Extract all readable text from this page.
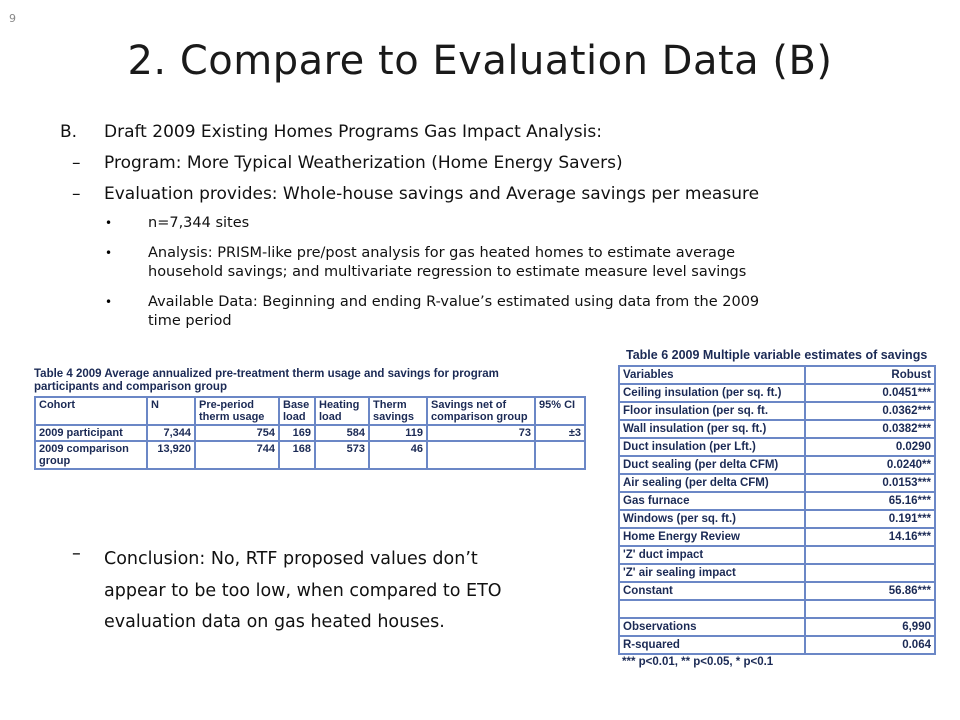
9
2. Compare to Evaluation Data (B)
B. Draft 2009 Existing Homes Programs Gas Impact Analysis:
– Program: More Typical Weatherization (Home Energy Savers)
– Evaluation provides: Whole-house savings and Average savings per measure
• n=7,344 sites
• Analysis: PRISM-like pre/post analysis for gas heated homes to estimate average
household savings; and multivariate regression to estimate measure level savings
• Available Data: Beginning and ending R-value’s estimated using data from the 2009
time period
Table 4 2009 Average annualized pre-treatment therm usage and savings for program
participants and comparison group
Cohort	N	Pre-period therm usage	Base load	Heating load	Therm savings	Savings net of comparison group	95% CI
2009 participant	7,344	754	169	584	119	73	±3
2009 comparison group	13,920	744	168	573	46		
Table 6 2009 Multiple variable estimates of savings
Variables	Robust
Ceiling insulation (per sq. ft.)	0.0451***
Floor insulation (per sq. ft.	0.0362***
Wall insulation (per sq. ft.)	0.0382***
Duct insulation (per Lft.)	0.0290
Duct sealing (per delta CFM)	0.0240**
Air sealing (per delta CFM)	0.0153***
Gas furnace	65.16***
Windows (per sq. ft.)	0.191***
Home Energy Review	14.16***
'Z' duct impact	
'Z' air sealing impact	
Constant	56.86***

Observations	6,990
R-squared	0.064
*** p<0.01, ** p<0.05, * p<0.1
– Conclusion: No, RTF proposed values don’t
appear to be too low, when compared to ETO
evaluation data on gas heated houses.
